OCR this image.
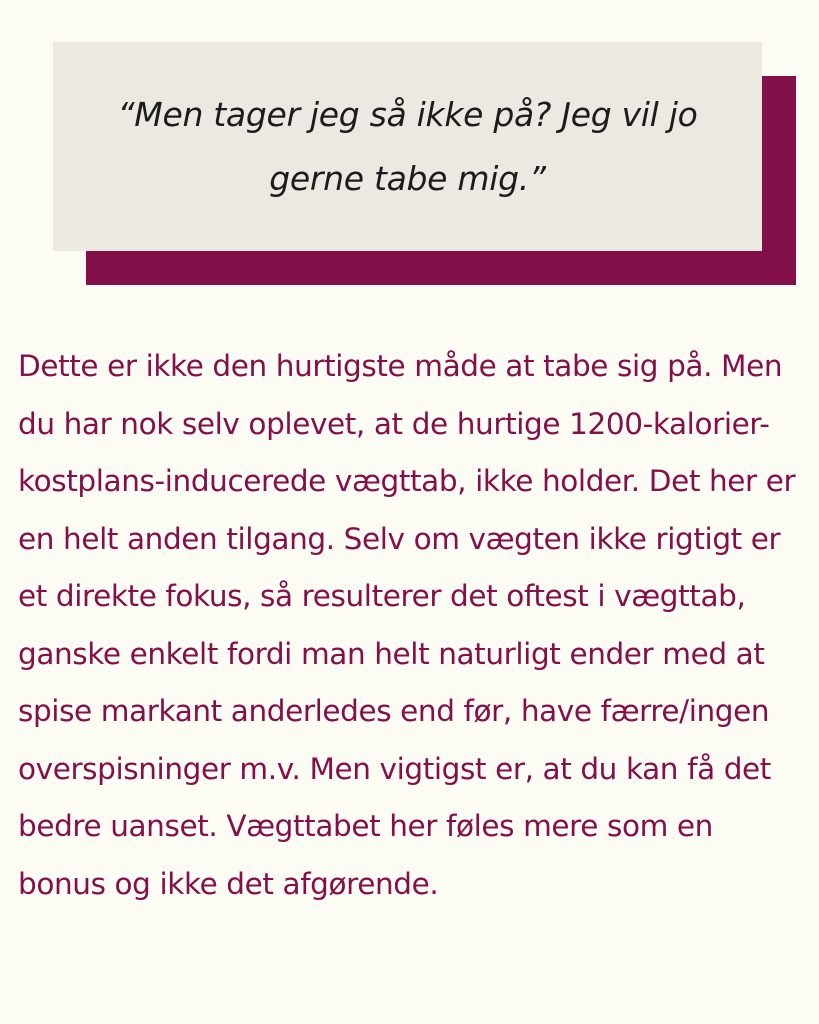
“Men tager jeg så ikke på? Jeg vil jo gerne tabe mig.”

Dette er ikke den hurtigste måde at tabe sig på. Men du har nok selv oplevet, at de hurtige 1200-kalorier-kostplans-inducerede vægttab, ikke holder. Det her er en helt anden tilgang. Selv om vægten ikke rigtigt er et direkte fokus, så resulterer det oftest i vægttab, ganske enkelt fordi man helt naturligt ender med at spise markant anderledes end før, have færre/ingen overspisninger m.v. Men vigtigst er, at du kan få det bedre uanset. Vægttabet her føles mere som en bonus og ikke det afgørende.
